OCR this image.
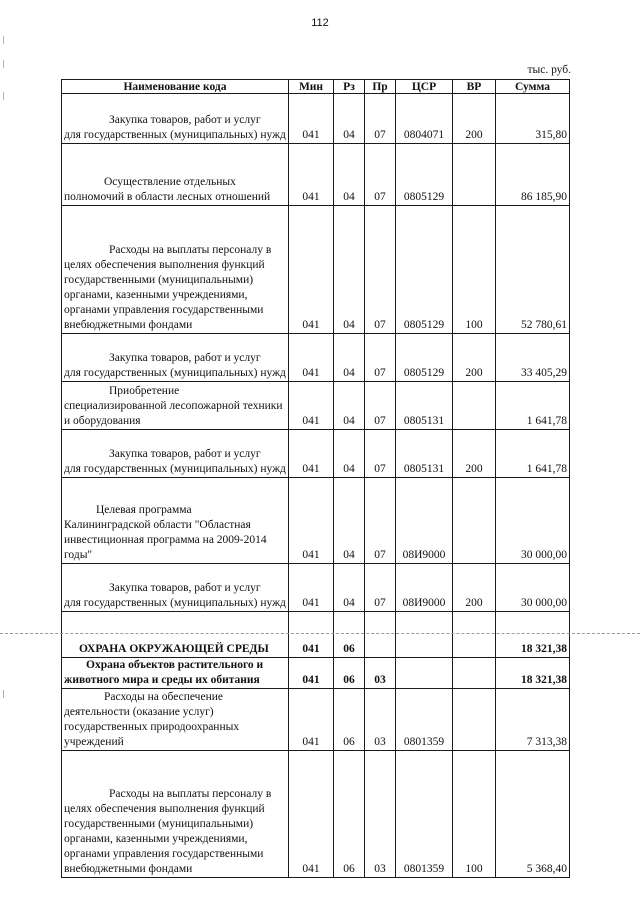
112
тыс. руб.
Наименование кода	Мин	Рз	Пр	ЦСР	ВР	Сумма

Закупка товаров, работ и услуг
для государственных (муниципальных) нужд	041	04	07	0804071	200	315,80

Осуществление отдельных
полномочий в области лесных отношений	041	04	07	0805129		86 185,90

Расходы на выплаты персоналу в
целях обеспечения выполнения функций государственными (муниципальными) органами, казенными учреждениями, органами управления государственными внебюджетными фондами	041	04	07	0805129	100	52 780,61

Закупка товаров, работ и услуг
для государственных (муниципальных) нужд	041	04	07	0805129	200	33 405,29

Приобретение
специализированной лесопожарной техники и оборудования	041	04	07	0805131		1 641,78

Закупка товаров, работ и услуг
для государственных (муниципальных) нужд	041	04	07	0805131	200	1 641,78

Целевая программа
Калининградской области "Областная инвестиционная программа на 2009-2014 годы"	041	04	07	08И9000		30 000,00

Закупка товаров, работ и услуг
для государственных (муниципальных) нужд	041	04	07	08И9000	200	30 000,00

ОХРАНА ОКРУЖАЮЩЕЙ СРЕДЫ	041	06				18 321,38

Охрана объектов растительного и
животного мира и среды их обитания	041	06	03			18 321,38

Расходы на обеспечение
деятельности (оказание услуг) государственных природоохранных учреждений	041	06	03	0801359		7 313,38

Расходы на выплаты персоналу в
целях обеспечения выполнения функций государственными (муниципальными) органами, казенными учреждениями, органами управления государственными внебюджетными фондами	041	06	03	0801359	100	5 368,40
